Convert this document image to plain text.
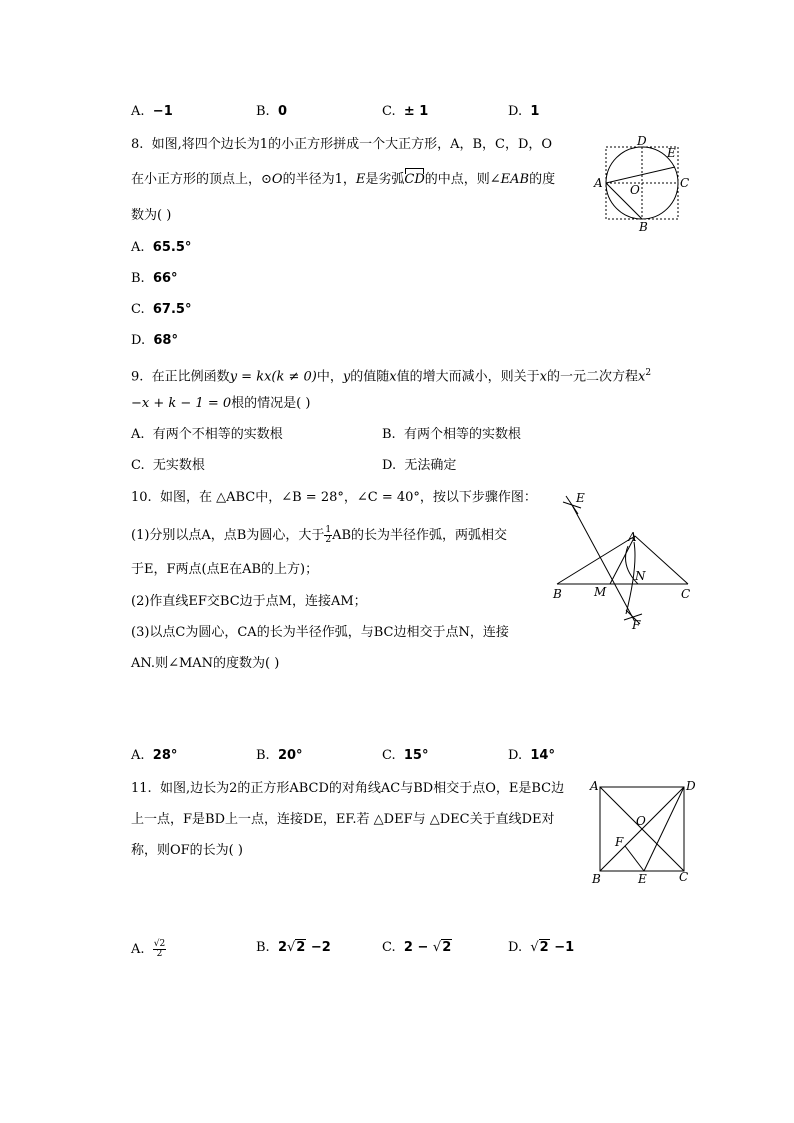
A. −1	B. 0	C. ± 1	D. 1
8. 如图,将四个边长为1的小正方形拼成一个大正方形，A，B，C，D，O
在小正方形的顶点上，⊙O的半径为1，E是劣弧
CD的中点，则∠EAB的度
数为( )
A. 65.5°
B. 66°
C. 67.5°
D. 68°
A
B
C
D
E
O
9. 在正比例函数y = kx(k ≠ 0)中，y的值随x值的增大而减小，则关于x的一元二次方程$x^2$
−x + k − 1 = 0根的情况是( )
A. 有两个不相等的实数根	B. 有两个相等的实数根
C. 无实数根	D. 无法确定
10. 如图，在 △ABC中，∠B = 28°，∠C = 40°，按以下步骤作图：
(1)分别以点A，点B为圆心，大于 $\frac{1}{2}$ AB的长为半径作弧，两弧相交
于E，F两点(点E在AB的上方)；
(2)作直线EF交BC边于点M，连接AM；
(3)以点C为圆心，CA的长为半径作弧，与BC边相交于点N，连接
AN.则∠MAN的度数为( )
A. 28°	B. 20°	C. 15°	D. 14°
E
A
N
B	M	C
F
11. 如图,边长为2的正方形ABCD的对角线AC与BD相交于点O，E是BC边
上一点，F是BD上一点，连接DE，EF.若 △DEF与 △DEC关于直线DE对
称，则OF的长为( )
A. $\frac{√2}{2}$	B. 2√2 −2	C. 2 − √2	D. √2 −1
A	D
O
F
B	E	C
